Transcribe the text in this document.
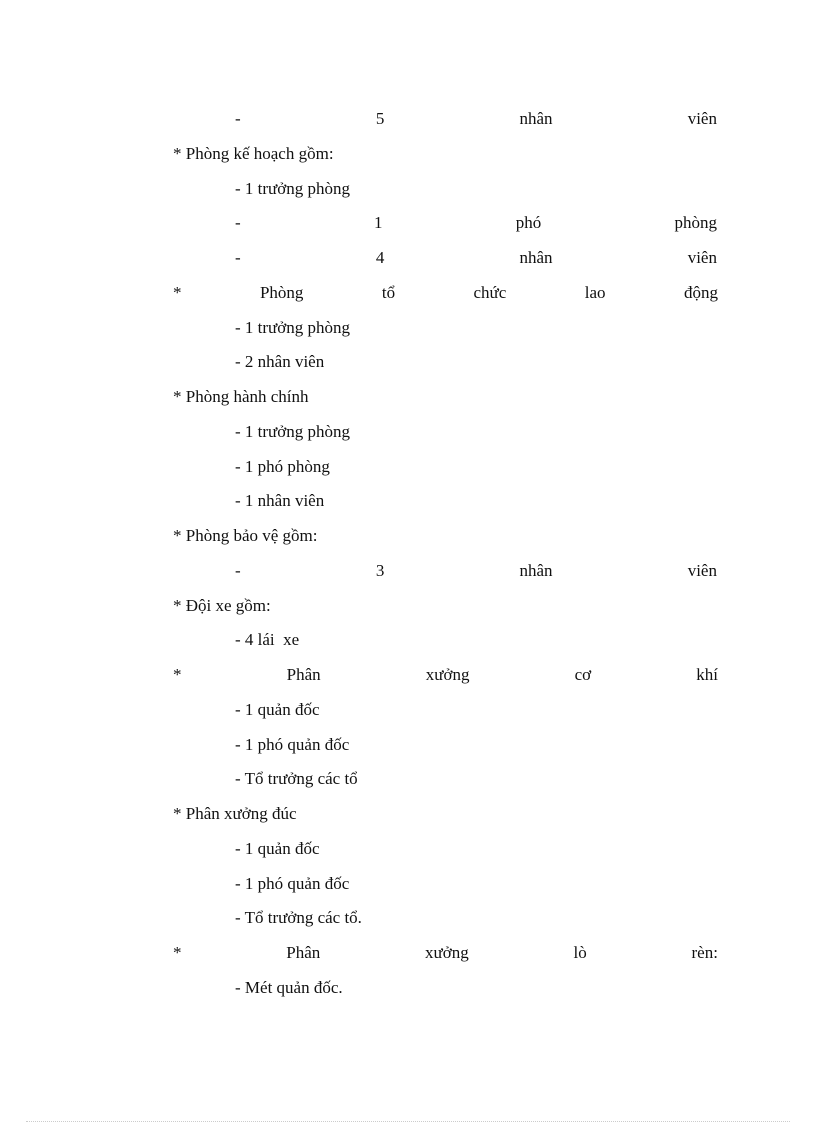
-	5	nhân	viên
* Phòng kế hoạch gồm:
- 1 trưởng phòng
-	1	phó	phòng
-	4	nhân	viên
*	Phòng	tổ	chức	lao	động
- 1 trưởng phòng
- 2 nhân viên
* Phòng hành chính
- 1 trưởng phòng
- 1 phó phòng
- 1 nhân viên
* Phòng bảo vệ gồm:
-	3	nhân	viên
* Đội xe gồm:
- 4 lái  xe
*	Phân	xưởng	cơ	khí
- 1 quản đốc
- 1 phó quản đốc
- Tổ trưởng các tổ
* Phân xưởng đúc
- 1 quản đốc
- 1 phó quản đốc
- Tổ trưởng các tổ.
*	Phân	xưởng	lò	rèn:
- Mét quản đốc.
